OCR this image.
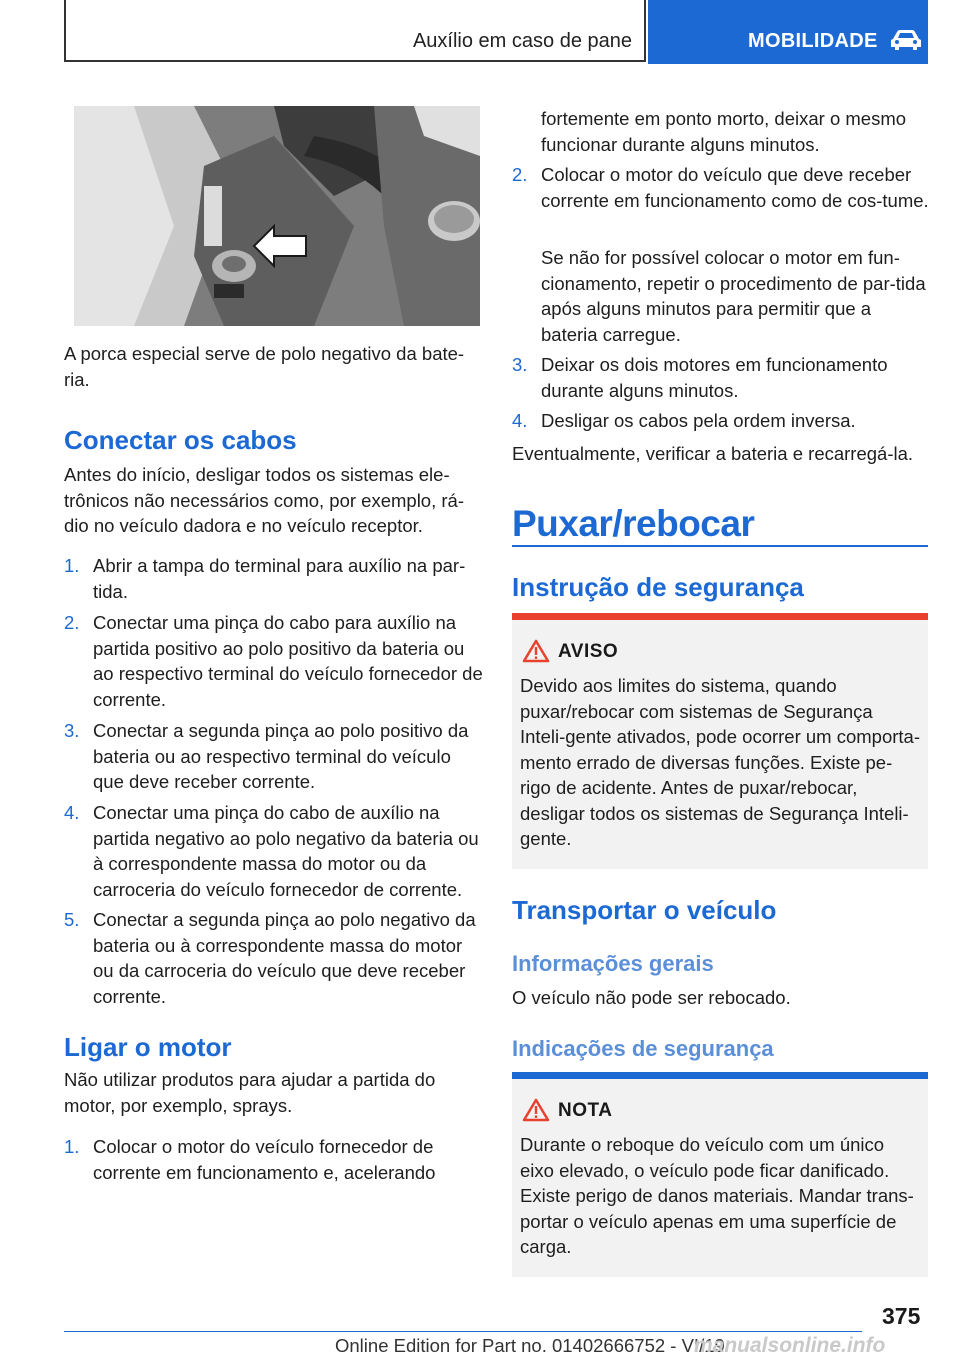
Auxílio em caso de pane	MOBILIDADE

A porca especial serve de polo negativo da bate-ria.

Conectar os cabos

Antes do início, desligar todos os sistemas ele-trônicos não necessários como, por exemplo, rá-dio no veículo dadora e no veículo receptor.

1. Abrir a tampa do terminal para auxílio na par-tida.
2. Conectar uma pinça do cabo para auxílio na partida positivo ao polo positivo da bateria ou ao respectivo terminal do veículo fornecedor de corrente.
3. Conectar a segunda pinça ao polo positivo da bateria ou ao respectivo terminal do veículo que deve receber corrente.
4. Conectar uma pinça do cabo de auxílio na partida negativo ao polo negativo da bateria ou à correspondente massa do motor ou da carroceria do veículo fornecedor de corrente.
5. Conectar a segunda pinça ao polo negativo da bateria ou à correspondente massa do motor ou da carroceria do veículo que deve receber corrente.
Ligar o motor

Não utilizar produtos para ajudar a partida do motor, por exemplo, sprays.

1. Colocar o motor do veículo fornecedor de corrente em funcionamento e, acelerando

fortemente em ponto morto, deixar o mesmo funcionar durante alguns minutos.

2. Colocar o motor do veículo que deve receber corrente em funcionamento como de cos-tume.
Se não for possível colocar o motor em fun-cionamento, repetir o procedimento de par-tida após alguns minutos para permitir que a bateria carregue.
3. Deixar os dois motores em funcionamento durante alguns minutos.
4. Desligar os cabos pela ordem inversa.

Eventualmente, verificar a bateria e recarregá-la.

Puxar/rebocar
Instrução de segurança
AVISO

Devido aos limites do sistema, quando puxar/rebocar com sistemas de Segurança Inteli-gente ativados, pode ocorrer um comporta-mento errado de diversas funções. Existe pe-rigo de acidente. Antes de puxar/rebocar, desligar todos os sistemas de Segurança Inteli-gente.

Transportar o veículo
Informações gerais

O veículo não pode ser rebocado.

Indicações de segurança
NOTA

Durante o reboque do veículo com um único eixo elevado, o veículo pode ficar danificado. Existe perigo de danos materiais. Mandar trans-portar o veículo apenas em uma superfície de carga.

375
Online Edition for Part no. 01402666752 - VI/19
manualsonline.info
